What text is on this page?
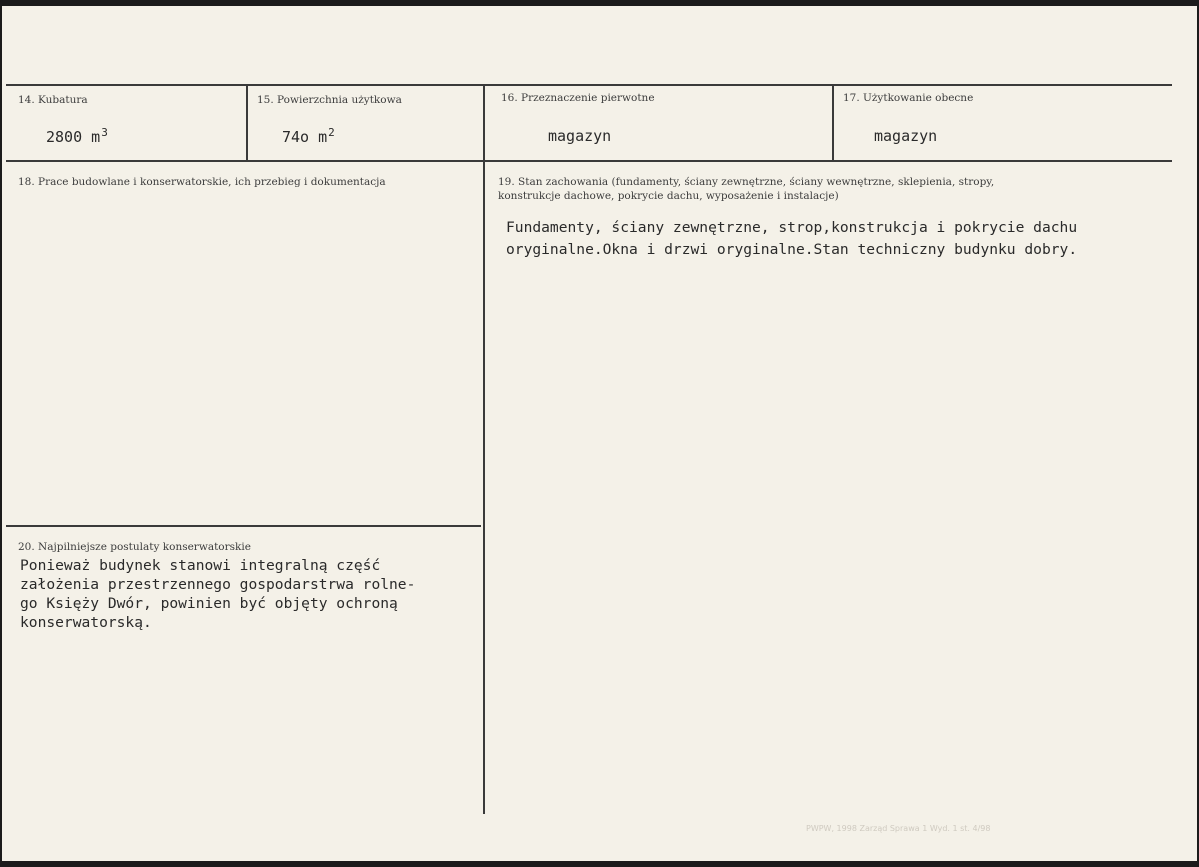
14. Kubatura
2800 $m^3$
15. Powierzchnia użytkowa
74o $m^2$
16. Przeznaczenie pierwotne
magazyn
17. Użytkowanie obecne
magazyn
18. Prace budowlane i konserwatorskie, ich przebieg i dokumentacja	19. Stan zachowania (fundamenty, ściany zewnętrzne, ściany wewnętrzne, sklepienia, stropy,
konstrukcje dachowe, pokrycie dachu, wyposażenie i instalacje)
Fundamenty, ściany zewnętrzne, strop,konstrukcja i pokrycie dachu
oryginalne.Okna i drzwi oryginalne.Stan techniczny budynku dobry.
20. Najpilniejsze postulaty konserwatorskie
Ponieważ budynek stanowi integralną część
założenia przestrzennego gospodarstrwa rolne-
go Księży Dwór, powinien być objęty ochroną
konserwatorską.
PWPW, 1998 Zarząd Sprawa 1 Wyd. 1 st. 4/98
